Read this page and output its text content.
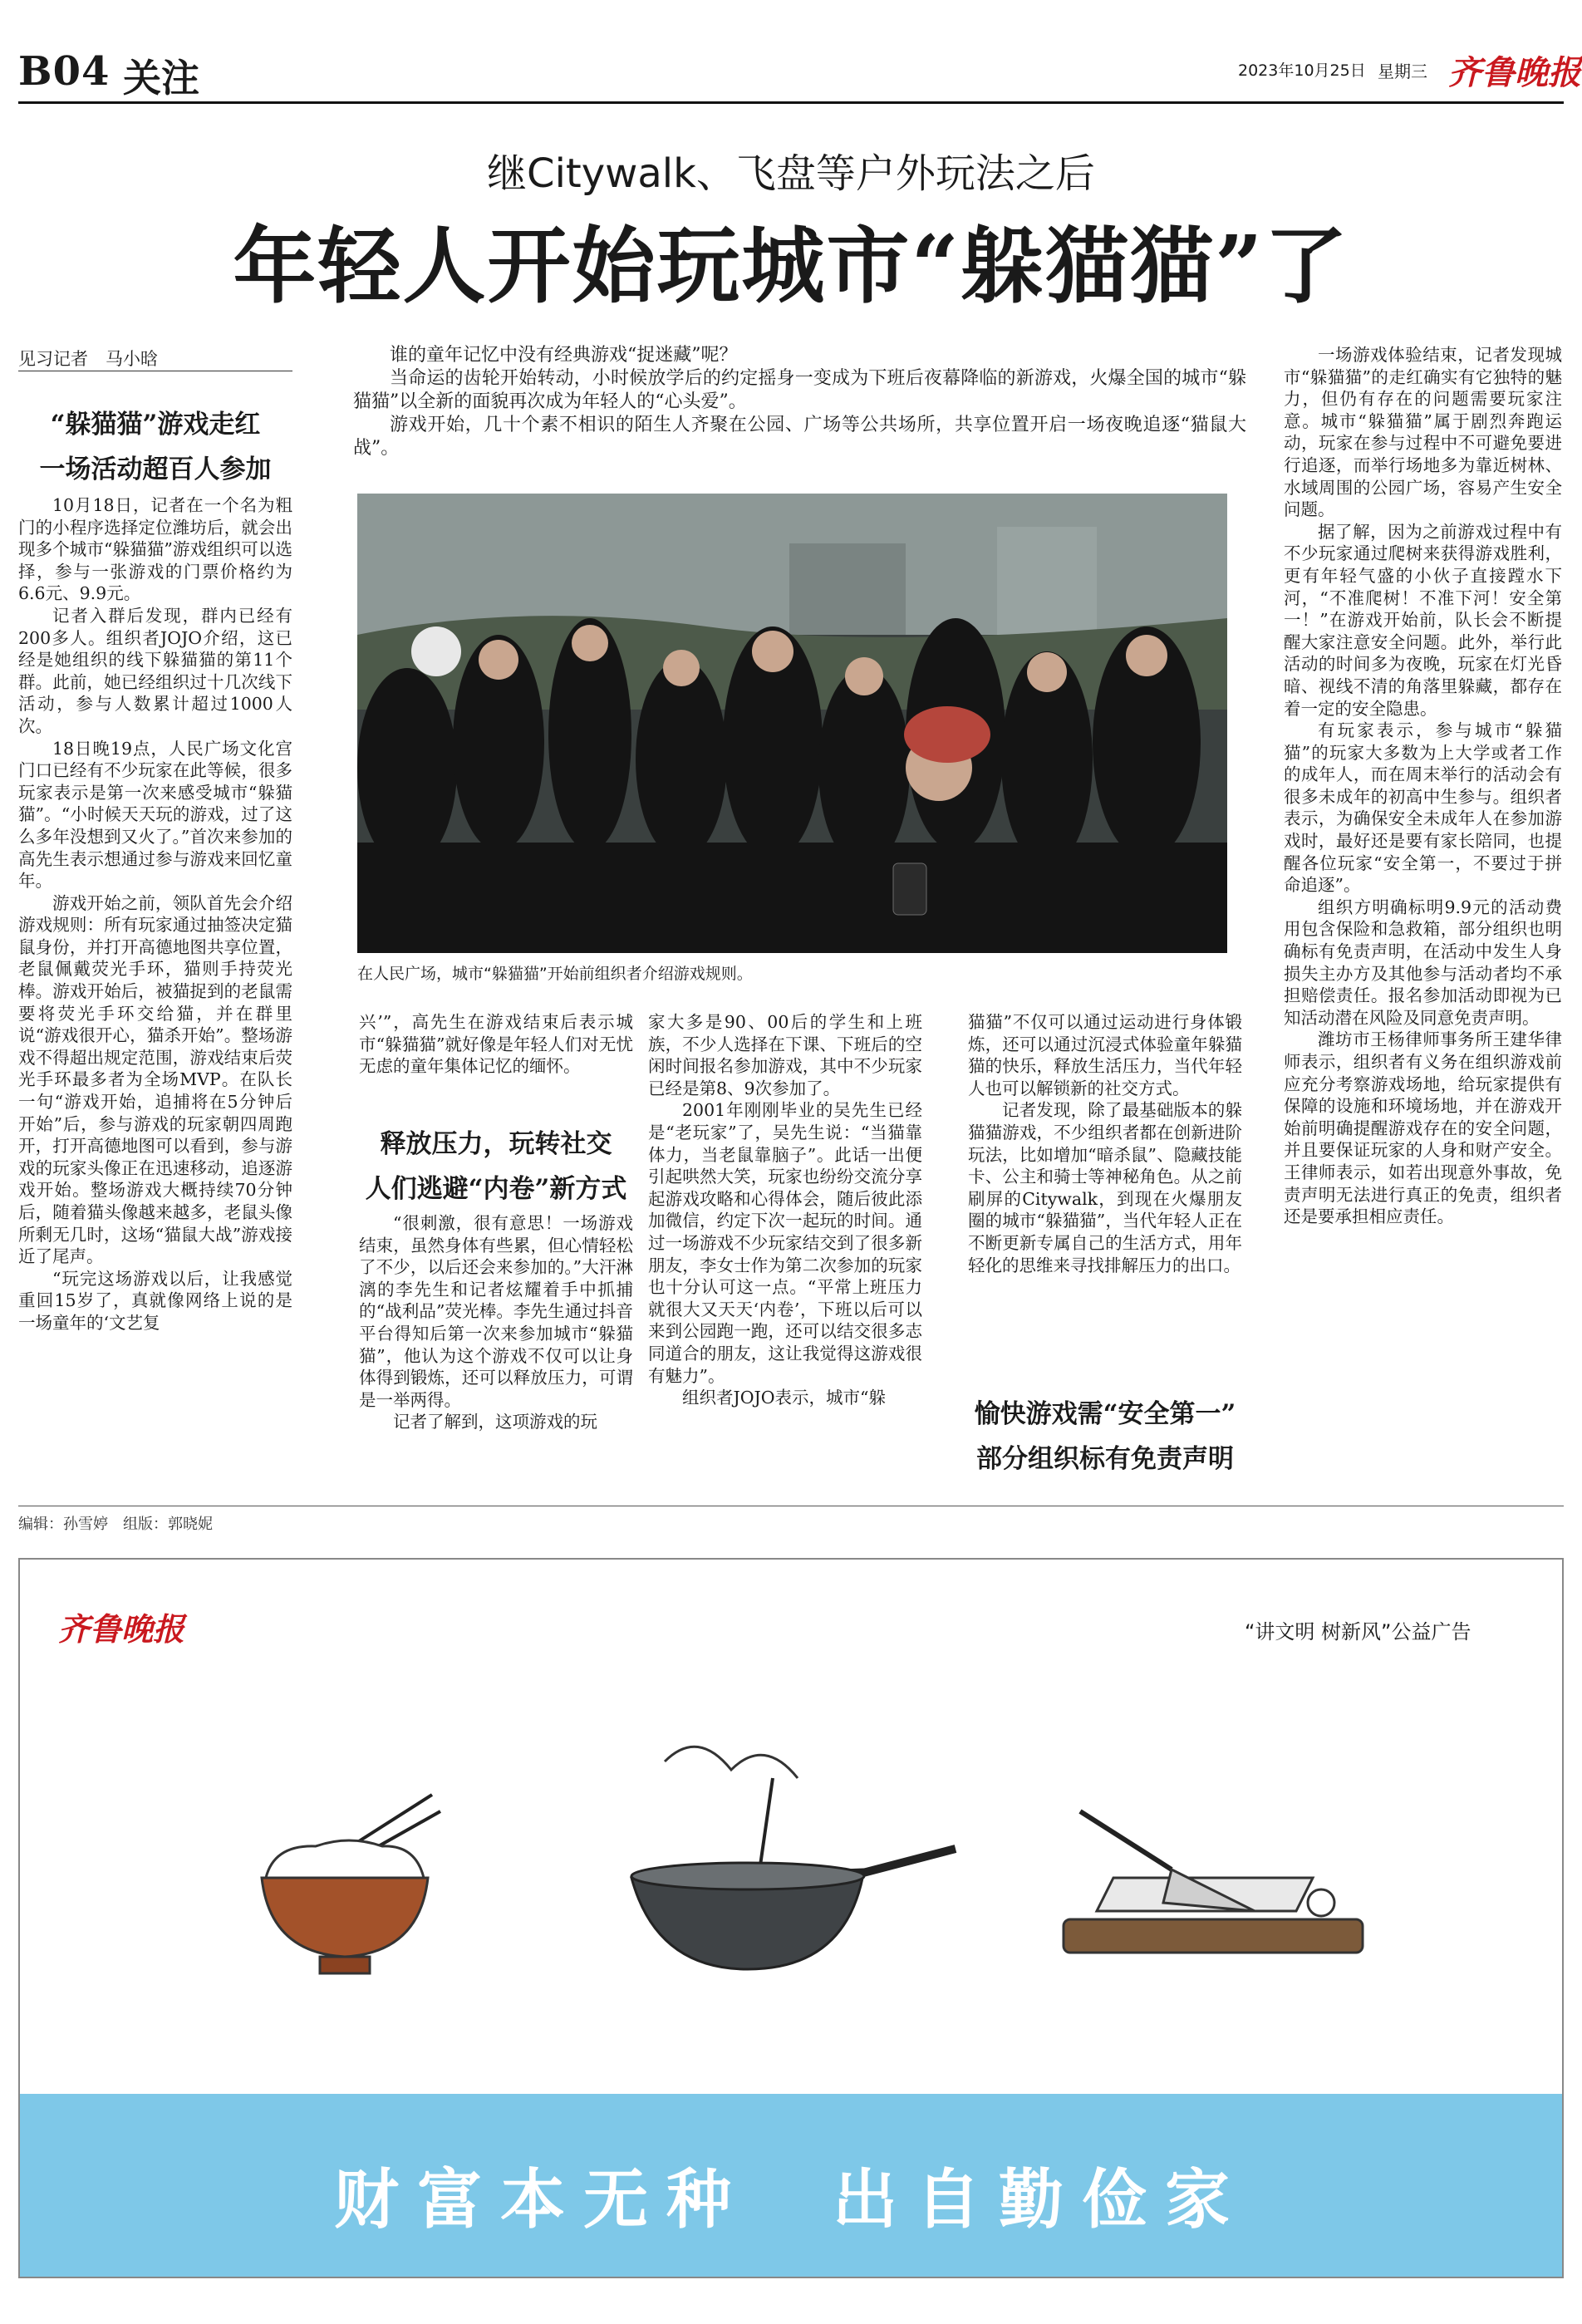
B04 关注	2023年10月25日 星期三 齐鲁晚报
继Citywalk、飞盘等户外玩法之后
年轻人开始玩城市“躲猫猫”了
见习记者　马小晗	谁的童年记忆中没有经典游戏“捉迷藏”呢？

当命运的齿轮开始转动，小时候放学后的约定摇身一变成为下班后夜幕降临的新游戏，火爆全国的城市“躲猫猫”以全新的面貌再次成为年轻人的“心头爱”。

游戏开始，几十个素不相识的陌生人齐聚在公园、广场等公共场所，共享位置开启一场夜晚追逐“猫鼠大战”。

在人民广场，城市“躲猫猫”开始前组织者介绍游戏规则。
“躲猫猫”游戏走红
一场活动超百人参加

10月18日，记者在一个名为粗门的小程序选择定位潍坊后，就会出现多个城市“躲猫猫”游戏组织可以选择，参与一张游戏的门票价格约为6.6元、9.9元。

记者入群后发现，群内已经有200多人。组织者JOJO介绍，这已经是她组织的线下躲猫猫的第11个群。此前，她已经组织过十几次线下活动，参与人数累计超过1000人次。

18日晚19点，人民广场文化宫门口已经有不少玩家在此等候，很多玩家表示是第一次来感受城市“躲猫猫”。“小时候天天玩的游戏，过了这么多年没想到又火了。”首次来参加的高先生表示想通过参与游戏来回忆童年。

游戏开始之前，领队首先会介绍游戏规则：所有玩家通过抽签决定猫鼠身份，并打开高德地图共享位置，老鼠佩戴荧光手环，猫则手持荧光棒。游戏开始后，被猫捉到的老鼠需要将荧光手环交给猫，并在群里说“游戏很开心，猫杀开始”。整场游戏不得超出规定范围，游戏结束后荧光手环最多者为全场MVP。在队长一句“游戏开始，追捕将在5分钟后开始”后，参与游戏的玩家朝四周跑开，打开高德地图可以看到，参与游戏的玩家头像正在迅速移动，追逐游戏开始。整场游戏大概持续70分钟后，随着猫头像越来越多，老鼠头像所剩无几时，这场“猫鼠大战”游戏接近了尾声。

“玩完这场游戏以后，让我感觉重回15岁了，真就像网络上说的是一场童年的‘文艺复

兴’”，高先生在游戏结束后表示城市“躲猫猫”就好像是年轻人们对无忧无虑的童年集体记忆的缅怀。

释放压力，玩转社交
人们逃避“内卷”新方式

“很刺激，很有意思！一场游戏结束，虽然身体有些累，但心情轻松了不少，以后还会来参加的。”大汗淋漓的李先生和记者炫耀着手中抓捕的“战利品”荧光棒。李先生通过抖音平台得知后第一次来参加城市“躲猫猫”，他认为这个游戏不仅可以让身体得到锻炼，还可以释放压力，可谓是一举两得。

记者了解到，这项游戏的玩

家大多是90、00后的学生和上班族，不少人选择在下课、下班后的空闲时间报名参加游戏，其中不少玩家已经是第8、9次参加了。

2001年刚刚毕业的吴先生已经是“老玩家”了，吴先生说：“当猫靠体力，当老鼠靠脑子”。此话一出便引起哄然大笑，玩家也纷纷交流分享起游戏攻略和心得体会，随后彼此添加微信，约定下次一起玩的时间。通过一场游戏不少玩家结交到了很多新朋友，李女士作为第二次参加的玩家也十分认可这一点。“平常上班压力就很大又天天‘内卷’，下班以后可以来到公园跑一跑，还可以结交很多志同道合的朋友，这让我觉得这游戏很有魅力”。

组织者JOJO表示，城市“躲

猫猫”不仅可以通过运动进行身体锻炼，还可以通过沉浸式体验童年躲猫猫的快乐，释放生活压力，当代年轻人也可以解锁新的社交方式。

记者发现，除了最基础版本的躲猫猫游戏，不少组织者都在创新进阶玩法，比如增加“暗杀鼠”、隐藏技能卡、公主和骑士等神秘角色。从之前刷屏的Citywalk，到现在火爆朋友圈的城市“躲猫猫”，当代年轻人正在不断更新专属自己的生活方式，用年轻化的思维来寻找排解压力的出口。

愉快游戏需“安全第一”
部分组织标有免责声明

一场游戏体验结束，记者发现城市“躲猫猫”的走红确实有它独特的魅力，但仍有存在的问题需要玩家注意。城市“躲猫猫”属于剧烈奔跑运动，玩家在参与过程中不可避免要进行追逐，而举行场地多为靠近树林、水域周围的公园广场，容易产生安全问题。

据了解，因为之前游戏过程中有不少玩家通过爬树来获得游戏胜利，更有年轻气盛的小伙子直接蹚水下河，“不准爬树！不准下河！安全第一！”在游戏开始前，队长会不断提醒大家注意安全问题。此外，举行此活动的时间多为夜晚，玩家在灯光昏暗、视线不清的角落里躲藏，都存在着一定的安全隐患。

有玩家表示，参与城市“躲猫猫”的玩家大多数为上大学或者工作的成年人，而在周末举行的活动会有很多未成年的初高中生参与。组织者表示，为确保安全未成年人在参加游戏时，最好还是要有家长陪同，也提醒各位玩家“安全第一，不要过于拼命追逐”。

组织方明确标明9.9元的活动费用包含保险和急救箱，部分组织也明确标有免责声明，在活动中发生人身损失主办方及其他参与活动者均不承担赔偿责任。报名参加活动即视为已知活动潜在风险及同意免责声明。

潍坊市王杨律师事务所王建华律师表示，组织者有义务在组织游戏前应充分考察游戏场地，给玩家提供有保障的设施和环境场地，并在游戏开始前明确提醒游戏存在的安全问题，并且要保证玩家的人身和财产安全。王律师表示，如若出现意外事故，免责声明无法进行真正的免责，组织者还是要承担相应责任。

编辑：孙雪婷　组版：郭晓妮
齐鲁晚报	“讲文明 树新风”公益广告
财富本无种　出自勤俭家
